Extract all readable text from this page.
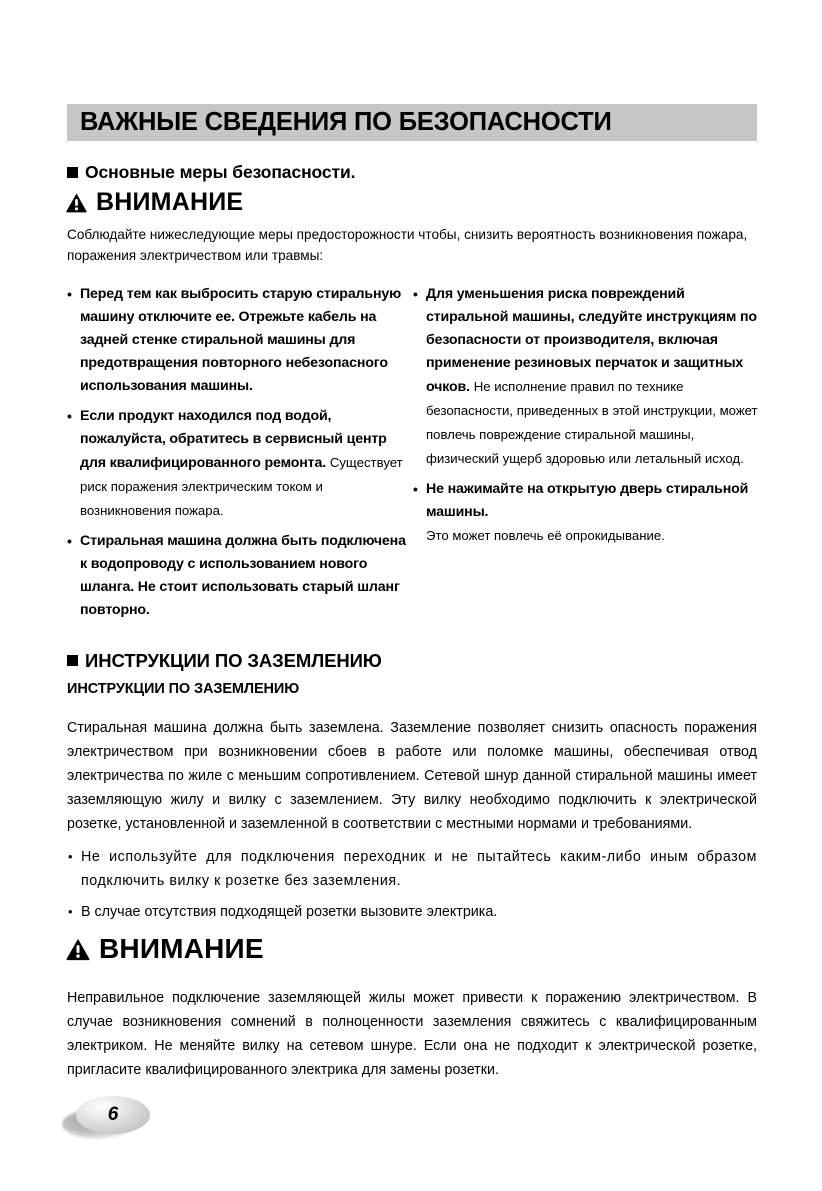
ВАЖНЫЕ СВЕДЕНИЯ ПО БЕЗОПАСНОСТИ
Основные меры безопасности.
ВНИМАНИЕ
Соблюдайте нижеследующие меры предосторожности чтобы, снизить вероятность возникновения пожара, поражения электричеством или травмы:
• Перед тем как выбросить старую стиральную машину отключите ее. Отрежьте кабель на задней стенке стиральной машины для предотвращения повторного небезопасного использования машины.
• Если продукт находился под водой, пожалуйста, обратитесь в сервисный центр для квалифицированного ремонта. Существует риск поражения электрическим током и возникновения пожара.
• Стиральная машина должна быть подключена к водопроводу с использованием нового шланга. Не стоит использовать старый шланг повторно.
• Для уменьшения риска повреждений стиральной машины, следуйте инструкциям по безопасности от производителя, включая применение резиновых перчаток и защитных очков. Не исполнение правил по технике безопасности, приведенных в этой инструкции, может повлечь повреждение стиральной машины, физический ущерб здоровью или летальный исход.
• Не нажимайте на открытую дверь стиральной машины.
Это может повлечь её опрокидывание.
ИНСТРУКЦИИ ПО ЗАЗЕМЛЕНИЮ
ИНСТРУКЦИИ ПО ЗАЗЕМЛЕНИЮ
Стиральная машина должна быть заземлена. Заземление позволяет снизить опасность поражения электричеством при возникновении сбоев в работе или поломке машины, обеспечивая отвод электричества по жиле с меньшим сопротивлением. Сетевой шнур данной стиральной машины имеет заземляющую жилу и вилку с заземлением. Эту вилку необходимо подключить к электрической розетке, установленной и заземленной в соответствии с местными нормами и требованиями.
• Не используйте для подключения переходник и не пытайтесь каким-либо иным образом подключить вилку к розетке без заземления.
• В случае отсутствия подходящей розетки вызовите электрика.
ВНИМАНИЕ
Неправильное подключение заземляющей жилы может привести к поражению электричеством. В случае возникновения сомнений в полноценности заземления свяжитесь с квалифицированным электриком. Не меняйте вилку на сетевом шнуре. Если она не подходит к электрической розетке, пригласите квалифицированного электрика для замены розетки.
6
